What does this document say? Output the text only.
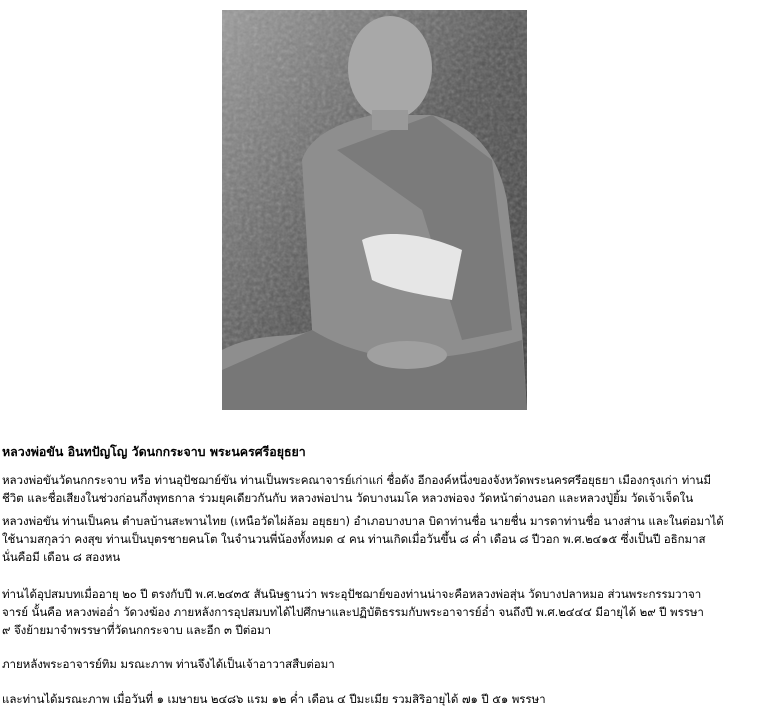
หลวงพ่อขัน อินทปัญโญ วัดนกกระจาบ พระนครศรีอยุธยา
หลวงพ่อขันวัดนกกระจาบ หรือ ท่านอุปัชฌาย์ขัน ท่านเป็นพระคณาจารย์เก่าแก่ ชื่อดัง อีกองค์หนึ่งของจังหวัดพระนครศรีอยุธยา เมืองกรุงเก่า ท่านมี
ชีวิต และชื่อเสียงในช่วงก่อนกึ่งพุทธกาล ร่วมยุคเดียวกันกับ หลวงพ่อปาน วัดบางนมโค หลวงพ่อจง วัดหน้าต่างนอก และหลวงปู่ยิ้ม วัดเจ้าเจ็ดใน
หลวงพ่อขัน ท่านเป็นคน ตำบลบ้านสะพานไทย (เหนือวัดไผ่ล้อม อยุธยา) อำเภอบางบาล บิดาท่านชื่อ นายชื่น มารดาท่านชื่อ นางส่าน และในต่อมาได้
ใช้นามสกุลว่า คงสุข ท่านเป็นบุตรชายคนโต ในจำนวนพี่น้องทั้งหมด ๔ คน ท่านเกิดเมื่อวันขึ้น ๘ ค่ำ เดือน ๘ ปีวอก พ.ศ.๒๔๑๕ ซึ่งเป็นปี อธิกมาส
นั่นคือมี เดือน ๘ สองหน
ท่านได้อุปสมบทเมื่ออายุ ๒๐ ปี ตรงกับปี พ.ศ.๒๔๓๕ สันนิษฐานว่า พระอุปัชฌาย์ของท่านน่าจะคือหลวงพ่อสุ่น วัดบางปลาหมอ ส่วนพระกรรมวาจา
จารย์ นั้นคือ หลวงพ่ออ่ำ วัดวงฆ้อง ภายหลังการอุปสมบทได้ไปศึกษาและปฏิบัติธรรมกับพระอาจารย์อ่ำ จนถึงปี พ.ศ.๒๔๔๔ มีอายุได้ ๒๙ ปี พรรษา
๙ จึงย้ายมาจำพรรษาที่วัดนกกระจาบ และอีก ๓ ปีต่อมา
ภายหลังพระอาจารย์ทิม มรณะภาพ ท่านจึงได้เป็นเจ้าอาวาสสืบต่อมา
และท่านได้มรณะภาพ เมื่อวันที่ ๑ เมษายน ๒๔๘๖ แรม ๑๒ ค่ำ เดือน ๔ ปีมะเมีย รวมสิริอายุได้ ๗๑ ปี ๕๑ พรรษา
